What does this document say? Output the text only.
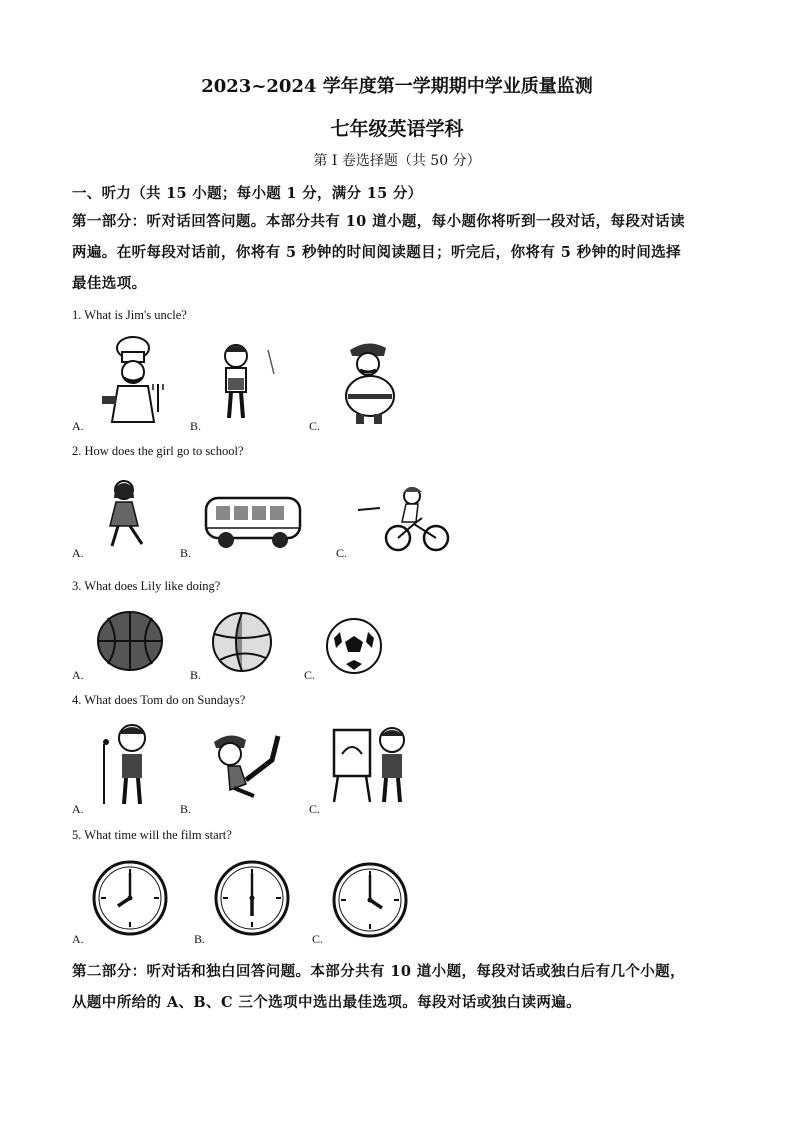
2023~2024 学年度第一学期期中学业质量监测
七年级英语学科
第 I 卷选择题（共 50 分）
一、听力（共 15 小题；每小题 1 分，满分 15 分）
第一部分：听对话回答问题。本部分共有 10 道小题，每小题你将听到一段对话，每段对话读
两遍。在听每段对话前，你将有 5 秒钟的时间阅读题目；听完后，你将有 5 秒钟的时间选择
最佳选项。
1. What is Jim's uncle?
A.	B.	C.
2. How does the girl go to school?
A.	B.	C.
3. What does Lily like doing?
A.	B.	C.
4. What does Tom do on Sundays?
A.	B.	C.
5. What time will the film start?
A.	B.	C.
第二部分：听对话和独白回答问题。本部分共有 10 道小题，每段对话或独白后有几个小题，
从题中所给的 A、B、C 三个选项中选出最佳选项。每段对话或独白读两遍。
